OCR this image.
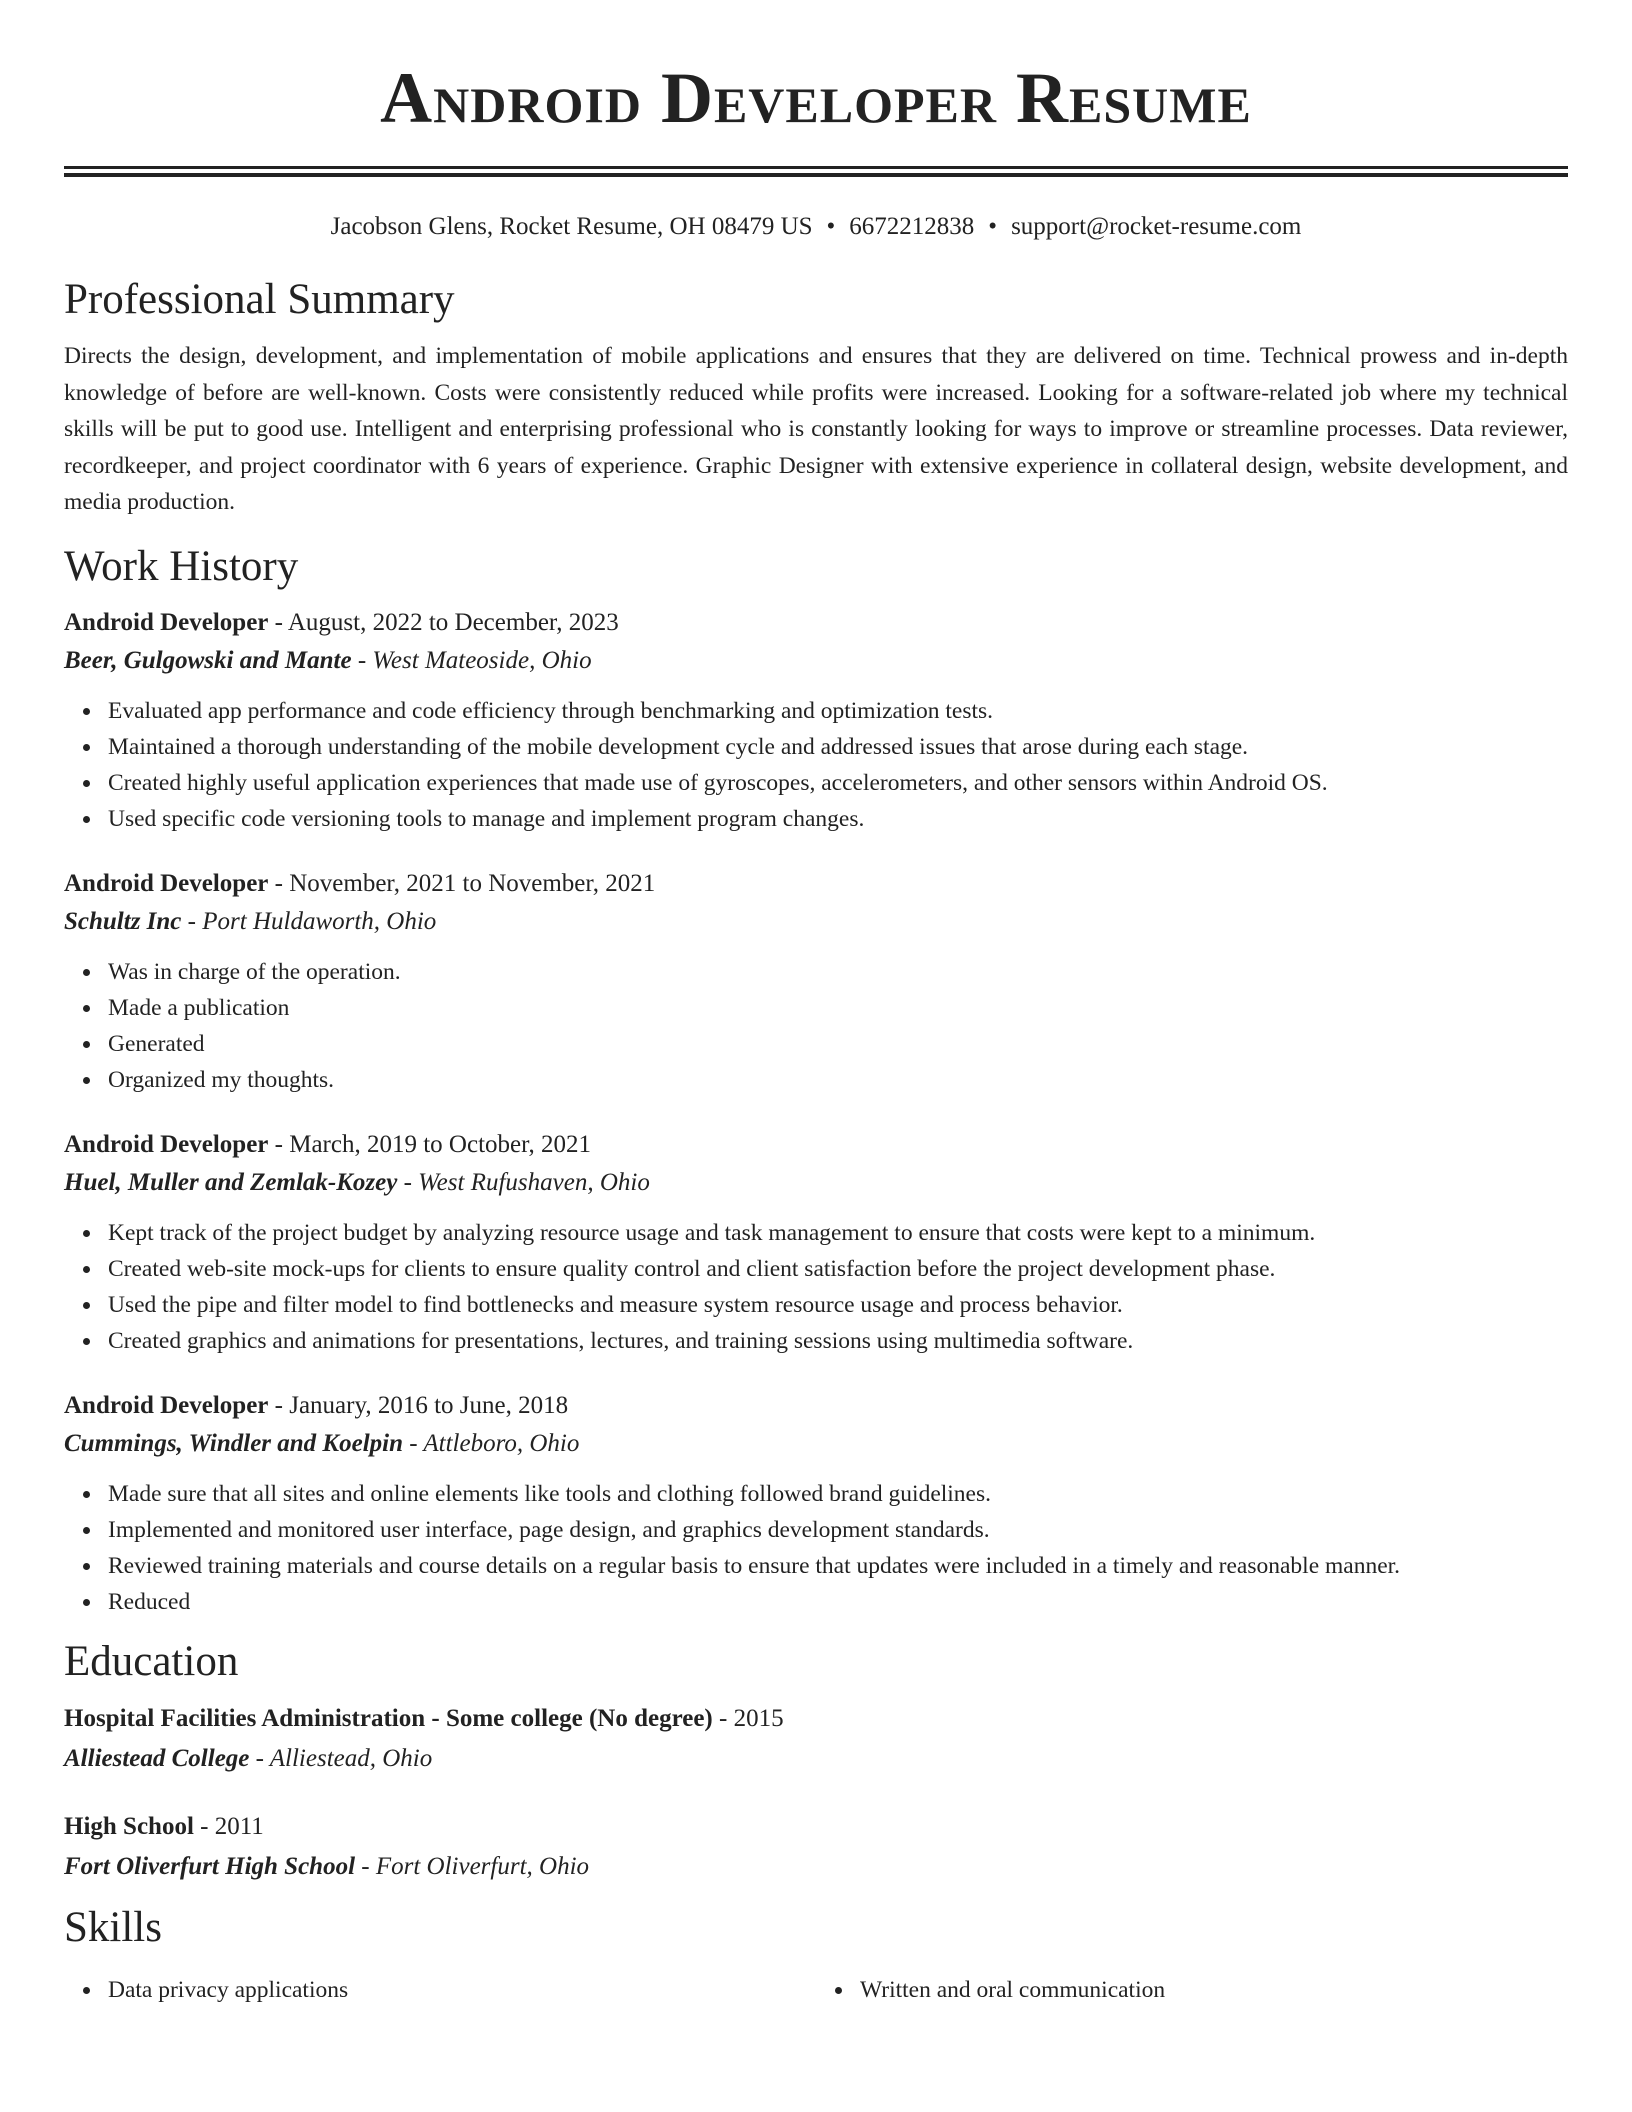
Android Developer Resume
Jacobson Glens, Rocket Resume, OH 08479 US • 6672212838 • support@rocket-resume.com
Professional Summary

Directs the design, development, and implementation of mobile applications and ensures that they are delivered on time. Technical prowess and in-depth knowledge of before are well-known. Costs were consistently reduced while profits were increased. Looking for a software-related job where my technical skills will be put to good use. Intelligent and enterprising professional who is constantly looking for ways to improve or streamline processes. Data reviewer, recordkeeper, and project coordinator with 6 years of experience. Graphic Designer with extensive experience in collateral design, website development, and media production.

Work History
Android Developer - August, 2022 to December, 2023
Beer, Gulgowski and Mante - West Mateoside, Ohio
Evaluated app performance and code efficiency through benchmarking and optimization tests.
Maintained a thorough understanding of the mobile development cycle and addressed issues that arose during each stage.
Created highly useful application experiences that made use of gyroscopes, accelerometers, and other sensors within Android OS.
Used specific code versioning tools to manage and implement program changes.
Android Developer - November, 2021 to November, 2021
Schultz Inc - Port Huldaworth, Ohio
Was in charge of the operation.
Made a publication
Generated
Organized my thoughts.
Android Developer - March, 2019 to October, 2021
Huel, Muller and Zemlak-Kozey - West Rufushaven, Ohio
Kept track of the project budget by analyzing resource usage and task management to ensure that costs were kept to a minimum.
Created web-site mock-ups for clients to ensure quality control and client satisfaction before the project development phase.
Used the pipe and filter model to find bottlenecks and measure system resource usage and process behavior.
Created graphics and animations for presentations, lectures, and training sessions using multimedia software.
Android Developer - January, 2016 to June, 2018
Cummings, Windler and Koelpin - Attleboro, Ohio
Made sure that all sites and online elements like tools and clothing followed brand guidelines.
Implemented and monitored user interface, page design, and graphics development standards.
Reviewed training materials and course details on a regular basis to ensure that updates were included in a timely and reasonable manner.
Reduced
Education
Hospital Facilities Administration - Some college (No degree) - 2015
Alliestead College - Alliestead, Ohio
High School - 2011
Fort Oliverfurt High School - Fort Oliverfurt, Ohio
Skills
Data privacy applications	Written and oral communication
